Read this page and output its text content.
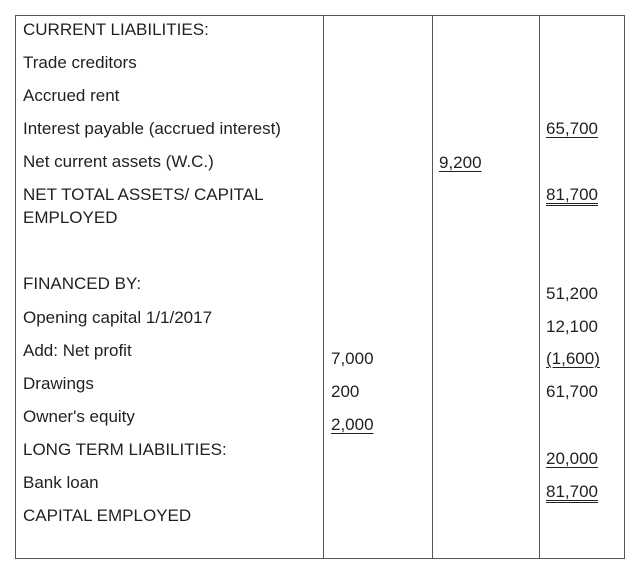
CURRENT LIABILITIES:
Trade creditors
Accrued rent
Interest payable (accrued interest)
Net current assets (W.C.)
NET TOTAL ASSETS/ CAPITAL
EMPLOYED
FINANCED BY:
Opening capital 1/1/2017
Add: Net profit
Drawings
Owner's equity
LONG TERM LIABILITIES:
Bank loan
CAPITAL EMPLOYED
7,000
200
2,000
9,200
65,700
81,700
51,200
12,100
(1,600)
61,700
20,000
81,700
